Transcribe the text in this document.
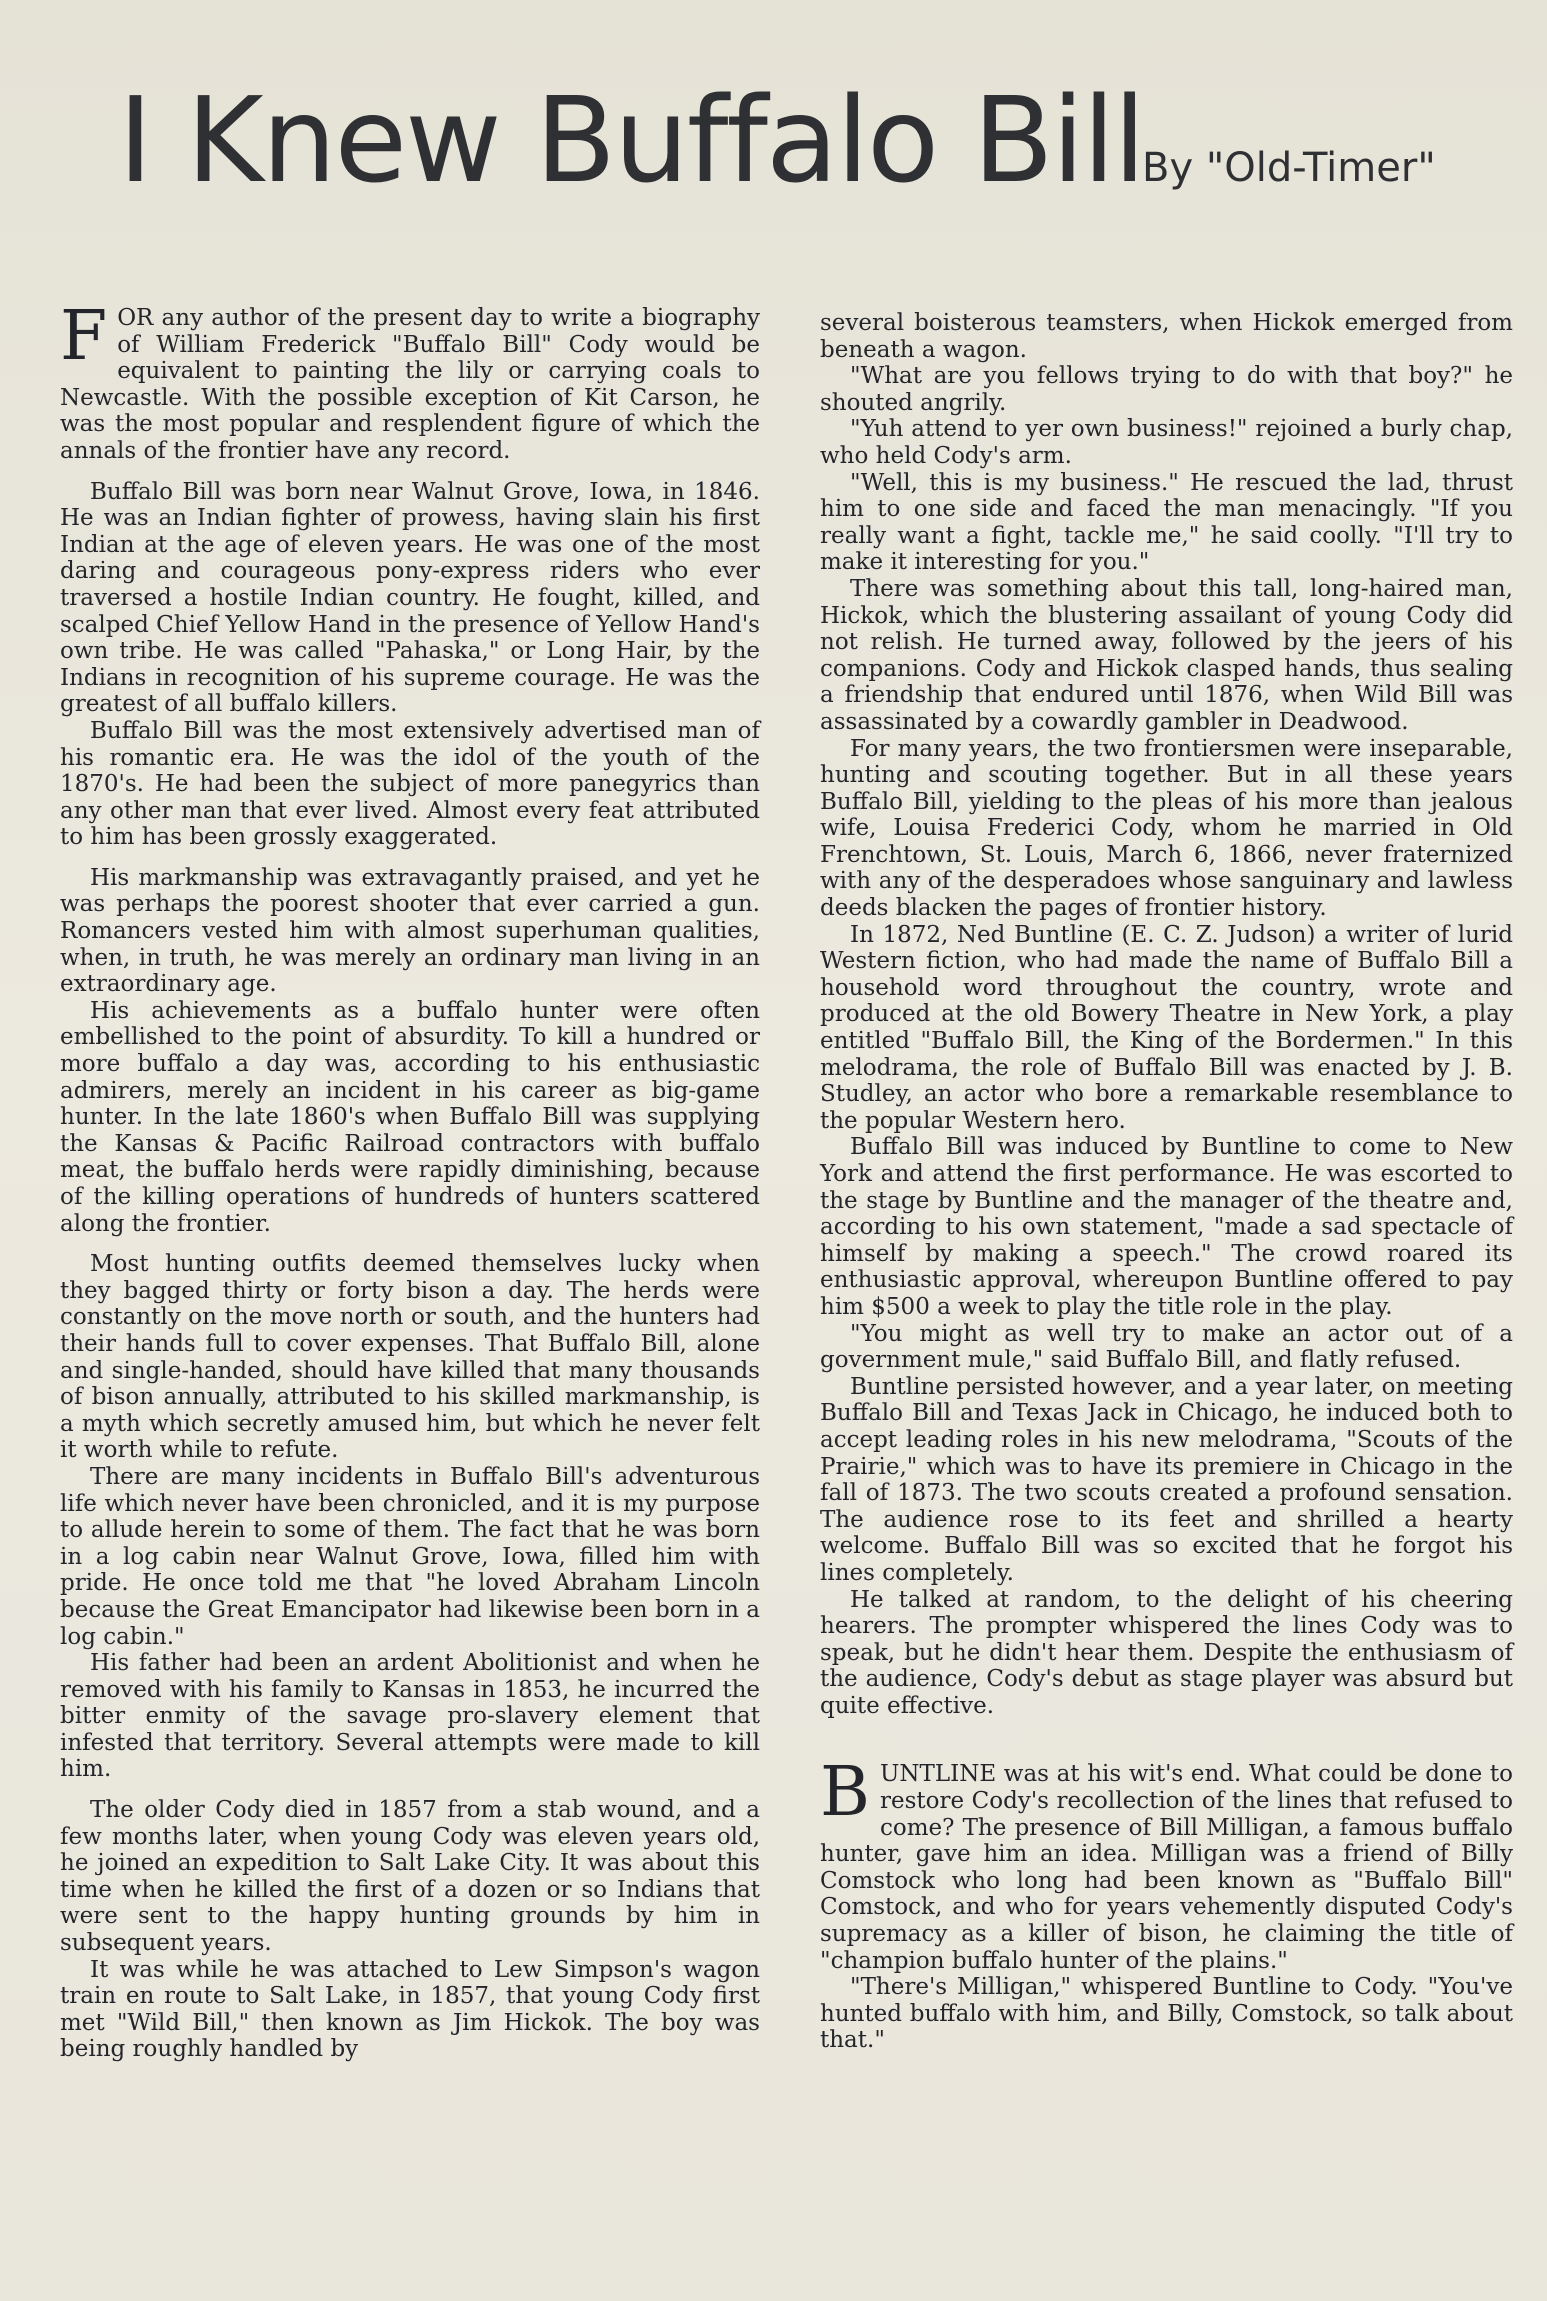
I Knew Buffalo Bill
By "Old-Timer"

FOR any author of the present day to write a biography of William Frederick "Buffalo Bill" Cody would be equivalent to painting the lily or carrying coals to Newcastle. With the possible exception of Kit Carson, he was the most popular and resplendent figure of which the annals of the frontier have any record.

Buffalo Bill was born near Walnut Grove, Iowa, in 1846. He was an Indian fighter of prowess, having slain his first Indian at the age of eleven years. He was one of the most daring and courageous pony-express riders who ever traversed a hostile Indian country. He fought, killed, and scalped Chief Yellow Hand in the presence of Yellow Hand's own tribe. He was called "Pahaska," or Long Hair, by the Indians in recognition of his supreme courage. He was the greatest of all buffalo killers.

Buffalo Bill was the most extensively advertised man of his romantic era. He was the idol of the youth of the 1870's. He had been the subject of more panegyrics than any other man that ever lived. Almost every feat attributed to him has been grossly exaggerated.

His markmanship was extravagantly praised, and yet he was perhaps the poorest shooter that ever carried a gun. Romancers vested him with almost superhuman qualities, when, in truth, he was merely an ordinary man living in an extraordinary age.

His achievements as a buffalo hunter were often embellished to the point of absurdity. To kill a hundred or more buffalo a day was, according to his enthusiastic admirers, merely an incident in his career as big-game hunter. In the late 1860's when Buffalo Bill was supplying the Kansas & Pacific Railroad contractors with buffalo meat, the buffalo herds were rapidly diminishing, because of the killing operations of hundreds of hunters scattered along the frontier.

Most hunting outfits deemed themselves lucky when they bagged thirty or forty bison a day. The herds were constantly on the move north or south, and the hunters had their hands full to cover expenses. That Buffalo Bill, alone and single-handed, should have killed that many thousands of bison annually, attributed to his skilled markmanship, is a myth which secretly amused him, but which he never felt it worth while to refute.

There are many incidents in Buffalo Bill's adventurous life which never have been chronicled, and it is my purpose to allude herein to some of them. The fact that he was born in a log cabin near Walnut Grove, Iowa, filled him with pride. He once told me that "he loved Abraham Lincoln because the Great Emancipator had likewise been born in a log cabin."

His father had been an ardent Abolitionist and when he removed with his family to Kansas in 1853, he incurred the bitter enmity of the savage pro-slavery element that infested that territory. Several attempts were made to kill him.

The older Cody died in 1857 from a stab wound, and a few months later, when young Cody was eleven years old, he joined an expedition to Salt Lake City. It was about this time when he killed the first of a dozen or so Indians that were sent to the happy hunting grounds by him in subsequent years.

It was while he was attached to Lew Simpson's wagon train en route to Salt Lake, in 1857, that young Cody first met "Wild Bill," then known as Jim Hickok. The boy was being roughly handled by

several boisterous teamsters, when Hickok emerged from beneath a wagon.

"What are you fellows trying to do with that boy?" he shouted angrily.

"Yuh attend to yer own business!" rejoined a burly chap, who held Cody's arm.

"Well, this is my business." He rescued the lad, thrust him to one side and faced the man menacingly. "If you really want a fight, tackle me," he said coolly. "I'll try to make it interesting for you."

There was something about this tall, long-haired man, Hickok, which the blustering assailant of young Cody did not relish. He turned away, followed by the jeers of his companions. Cody and Hickok clasped hands, thus sealing a friendship that endured until 1876, when Wild Bill was assassinated by a cowardly gambler in Deadwood.

For many years, the two frontiersmen were inseparable, hunting and scouting together. But in all these years Buffalo Bill, yielding to the pleas of his more than jealous wife, Louisa Frederici Cody, whom he married in Old Frenchtown, St. Louis, March 6, 1866, never fraternized with any of the desperadoes whose sanguinary and lawless deeds blacken the pages of frontier history.

In 1872, Ned Buntline (E. C. Z. Judson) a writer of lurid Western fiction, who had made the name of Buffalo Bill a household word throughout the country, wrote and produced at the old Bowery Theatre in New York, a play entitled "Buffalo Bill, the King of the Bordermen." In this melodrama, the role of Buffalo Bill was enacted by J. B. Studley, an actor who bore a remarkable resemblance to the popular Western hero.

Buffalo Bill was induced by Buntline to come to New York and attend the first performance. He was escorted to the stage by Buntline and the manager of the theatre and, according to his own statement, "made a sad spectacle of himself by making a speech." The crowd roared its enthusiastic approval, whereupon Buntline offered to pay him $500 a week to play the title role in the play.

"You might as well try to make an actor out of a government mule," said Buffalo Bill, and flatly refused.

Buntline persisted however, and a year later, on meeting Buffalo Bill and Texas Jack in Chicago, he induced both to accept leading roles in his new melodrama, "Scouts of the Prairie," which was to have its premiere in Chicago in the fall of 1873. The two scouts created a profound sensation. The audience rose to its feet and shrilled a hearty welcome. Buffalo Bill was so excited that he forgot his lines completely.

He talked at random, to the delight of his cheering hearers. The prompter whispered the lines Cody was to speak, but he didn't hear them. Despite the enthusiasm of the audience, Cody's debut as stage player was absurd but quite effective.

BUNTLINE was at his wit's end. What could be done to restore Cody's recollection of the lines that refused to come? The presence of Bill Milligan, a famous buffalo hunter, gave him an idea. Milligan was a friend of Billy Comstock who long had been known as "Buffalo Bill" Comstock, and who for years vehemently disputed Cody's supremacy as a killer of bison, he claiming the title of "champion buffalo hunter of the plains."

"There's Milligan," whispered Buntline to Cody. "You've hunted buffalo with him, and Billy, Comstock, so talk about that."
